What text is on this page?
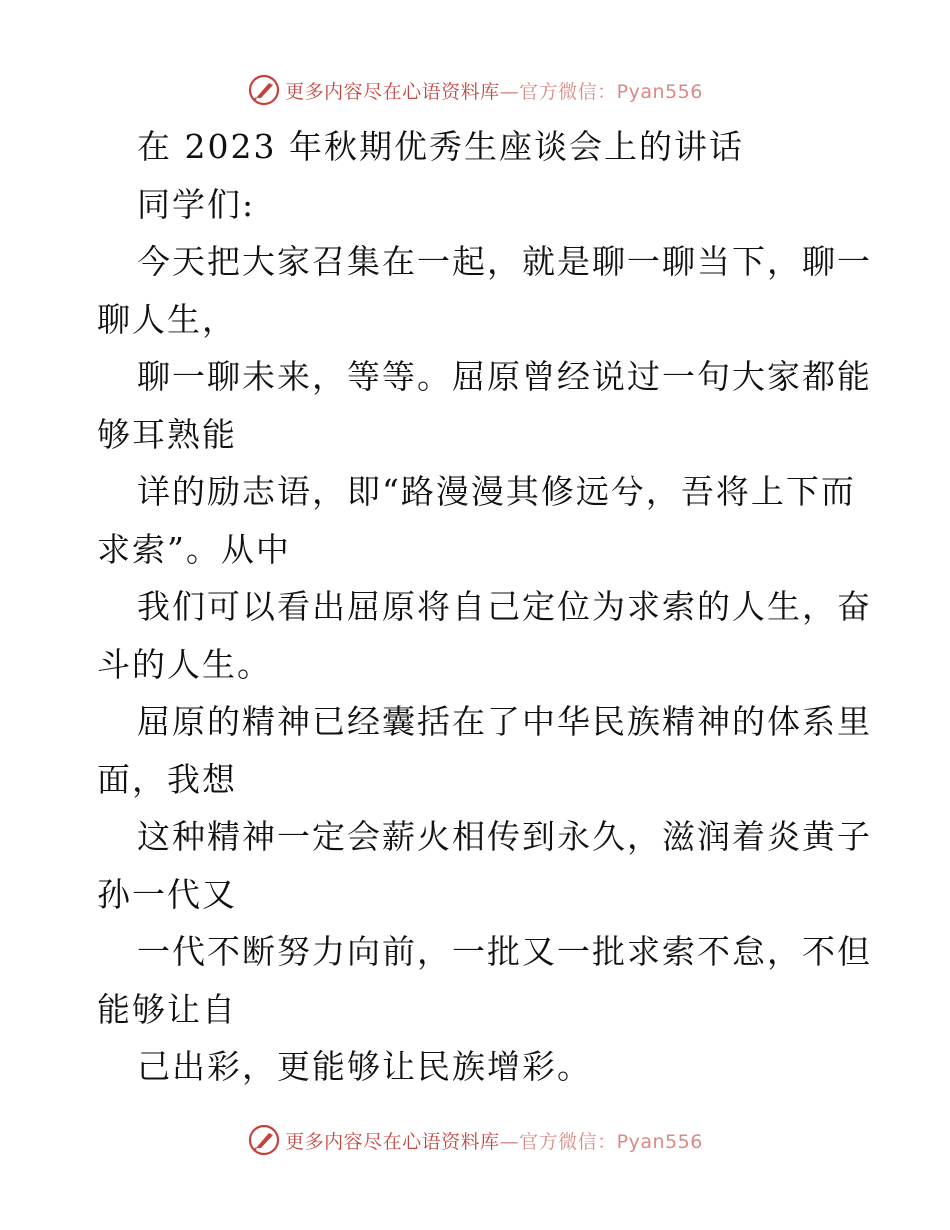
更多内容尽在心语资料库—官方微信：Pyan556
在 2023 年秋期优秀生座谈会上的讲话
同学们:
今天把大家召集在一起，就是聊一聊当下，聊一
聊人生，
聊一聊未来，等等。屈原曾经说过一句大家都能
够耳熟能
详的励志语，即“路漫漫其修远兮，吾将上下而
求索”。从中
我们可以看出屈原将自己定位为求索的人生，奋
斗的人生。
屈原的精神已经囊括在了中华民族精神的体系里
面，我想
这种精神一定会薪火相传到永久，滋润着炎黄子
孙一代又
一代不断努力向前，一批又一批求索不怠，不但
能够让自
己出彩，更能够让民族增彩。
更多内容尽在心语资料库—官方微信：Pyan556
